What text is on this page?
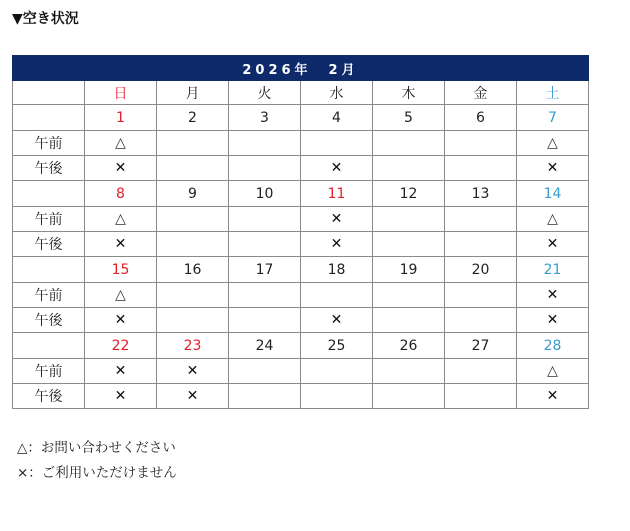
▼空き状況
2026年　2月							
	日	月	火	水	木	金	土
	1	2	3	4	5	6	7
午前	△						△
午後	✕			✕			✕
	8	9	10	11	12	13	14
午前	△			✕			△
午後	✕			✕			✕
	15	16	17	18	19	20	21
午前	△						✕
午後	✕			✕			✕
	22	23	24	25	26	27	28
午前	✕	✕					△
午後	✕	✕					✕
△：お問い合わせください
×：ご利用いただけません
